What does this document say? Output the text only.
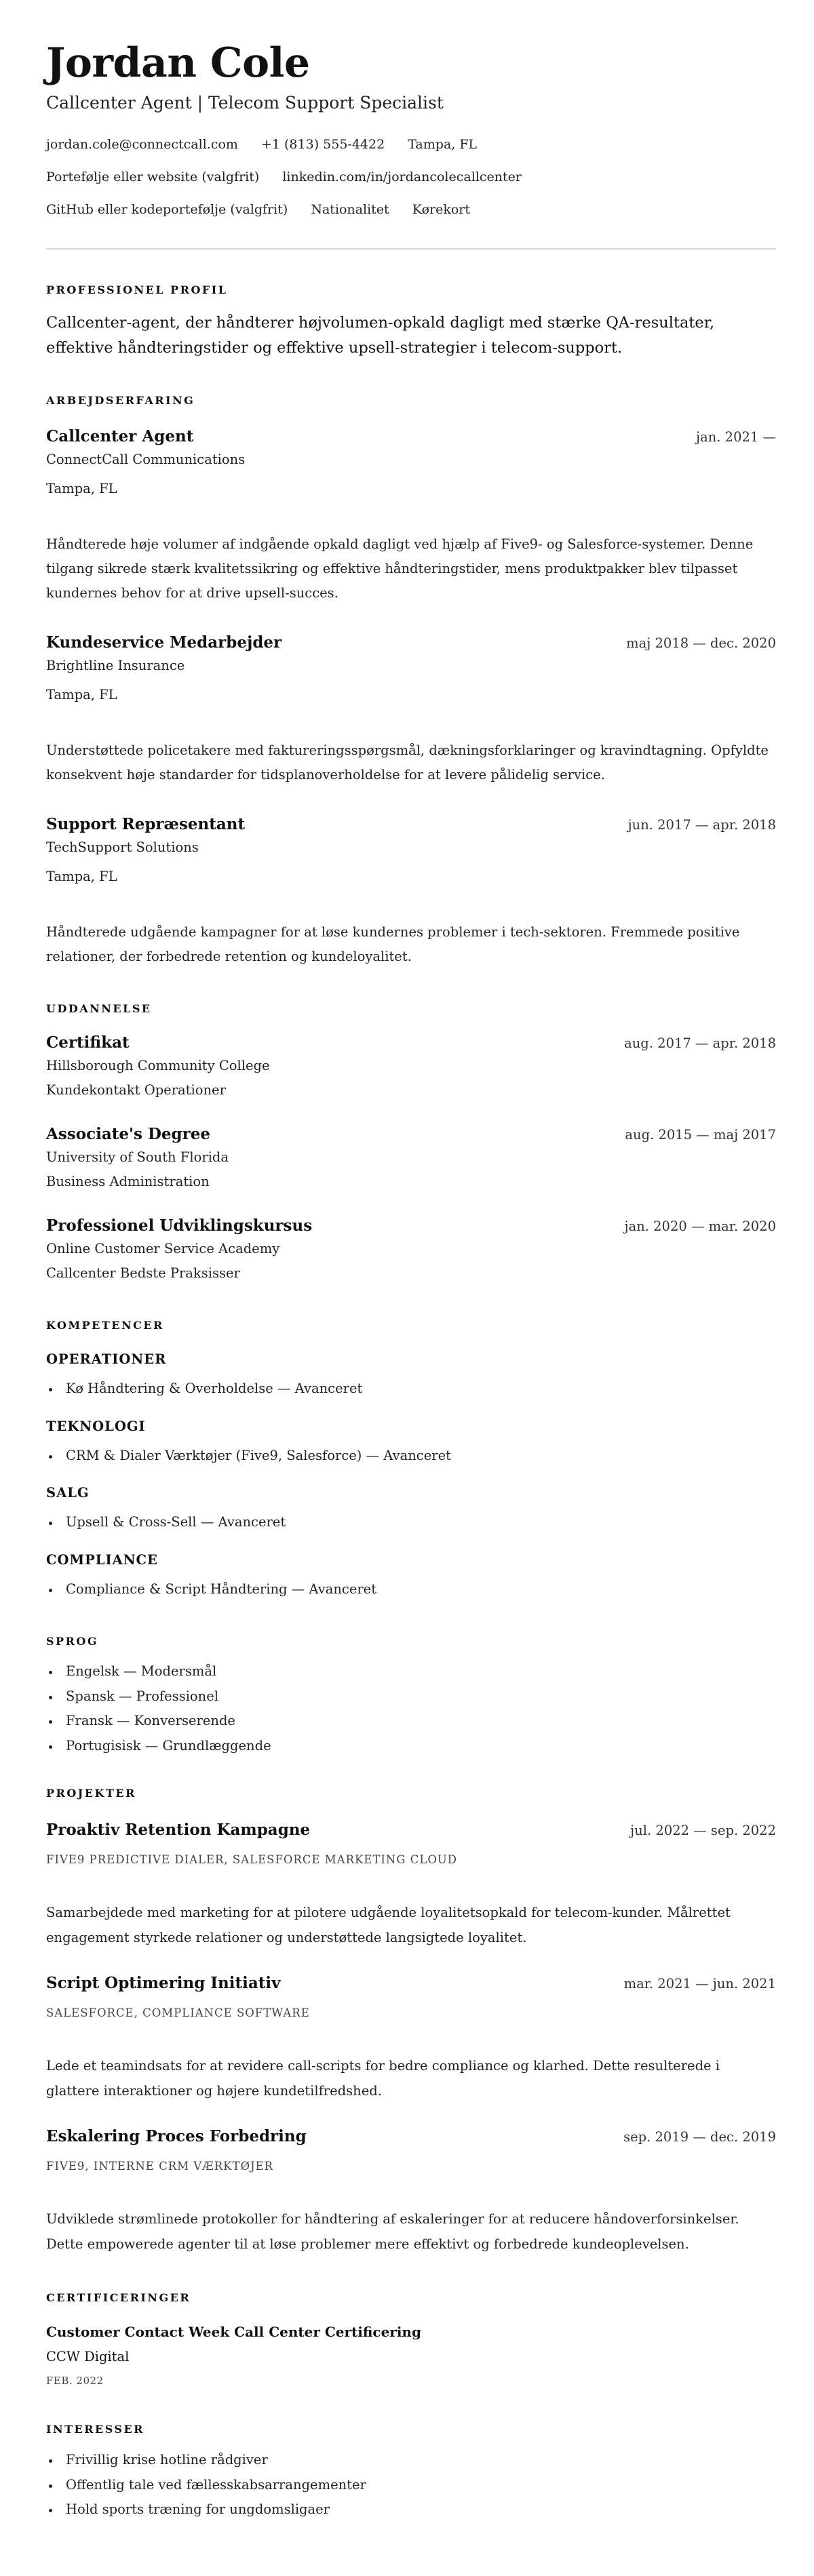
Jordan Cole
Callcenter Agent | Telecom Support Specialist
jordan.cole@connectcall.com +1 (813) 555-4422 Tampa, FL
Portefølje eller website (valgfrit) linkedin.com/in/jordancolecallcenter
GitHub eller kodeportefølje (valgfrit) Nationalitet Kørekort
PROFESSIONEL PROFIL
Callcenter-agent, der håndterer højvolumen-opkald dagligt med stærke QA-resultater, effektive håndteringstider og effektive upsell-strategier i telecom-support.
ARBEJDSERFARING
Callcenter Agent	jan. 2021 —
ConnectCall Communications
Tampa, FL
Håndterede høje volumer af indgående opkald dagligt ved hjælp af Five9- og Salesforce-systemer. Denne tilgang sikrede stærk kvalitetssikring og effektive håndteringstider, mens produktpakker blev tilpasset kundernes behov for at drive upsell-succes.
Kundeservice Medarbejder	maj 2018 — dec. 2020
Brightline Insurance
Tampa, FL
Understøttede policetakere med faktureringsspørgsmål, dækningsforklaringer og kravindtagning. Opfyldte konsekvent høje standarder for tidsplanoverholdelse for at levere pålidelig service.
Support Repræsentant	jun. 2017 — apr. 2018
TechSupport Solutions
Tampa, FL
Håndterede udgående kampagner for at løse kundernes problemer i tech-sektoren. Fremmede positive relationer, der forbedrede retention og kundeloyalitet.
UDDANNELSE
Certifikat	aug. 2017 — apr. 2018
Hillsborough Community College
Kundekontakt Operationer
Associate's Degree	aug. 2015 — maj 2017
University of South Florida
Business Administration
Professionel Udviklingskursus	jan. 2020 — mar. 2020
Online Customer Service Academy
Callcenter Bedste Praksisser
KOMPETENCER
OPERATIONER
Kø Håndtering & Overholdelse — Avanceret
TEKNOLOGI
CRM & Dialer Værktøjer (Five9, Salesforce) — Avanceret
SALG
Upsell & Cross-Sell — Avanceret
COMPLIANCE
Compliance & Script Håndtering — Avanceret
SPROG
Engelsk — Modersmål
Spansk — Professionel
Fransk — Konverserende
Portugisisk — Grundlæggende
PROJEKTER
Proaktiv Retention Kampagne	jul. 2022 — sep. 2022
FIVE9 PREDICTIVE DIALER, SALESFORCE MARKETING CLOUD
Samarbejdede med marketing for at pilotere udgående loyalitetsopkald for telecom-kunder. Målrettet engagement styrkede relationer og understøttede langsigtede loyalitet.
Script Optimering Initiativ	mar. 2021 — jun. 2021
SALESFORCE, COMPLIANCE SOFTWARE
Lede et teamindsats for at revidere call-scripts for bedre compliance og klarhed. Dette resulterede i glattere interaktioner og højere kundetilfredshed.
Eskalering Proces Forbedring	sep. 2019 — dec. 2019
FIVE9, INTERNE CRM VÆRKTØJER
Udviklede strømlinede protokoller for håndtering af eskaleringer for at reducere håndoverforsinkelser. Dette empowerede agenter til at løse problemer mere effektivt og forbedrede kundeoplevelsen.
CERTIFICERINGER
Customer Contact Week Call Center Certificering
CCW Digital
FEB. 2022
INTERESSER
Frivillig krise hotline rådgiver
Offentlig tale ved fællesskabsarrangementer
Hold sports træning for ungdomsligaer
